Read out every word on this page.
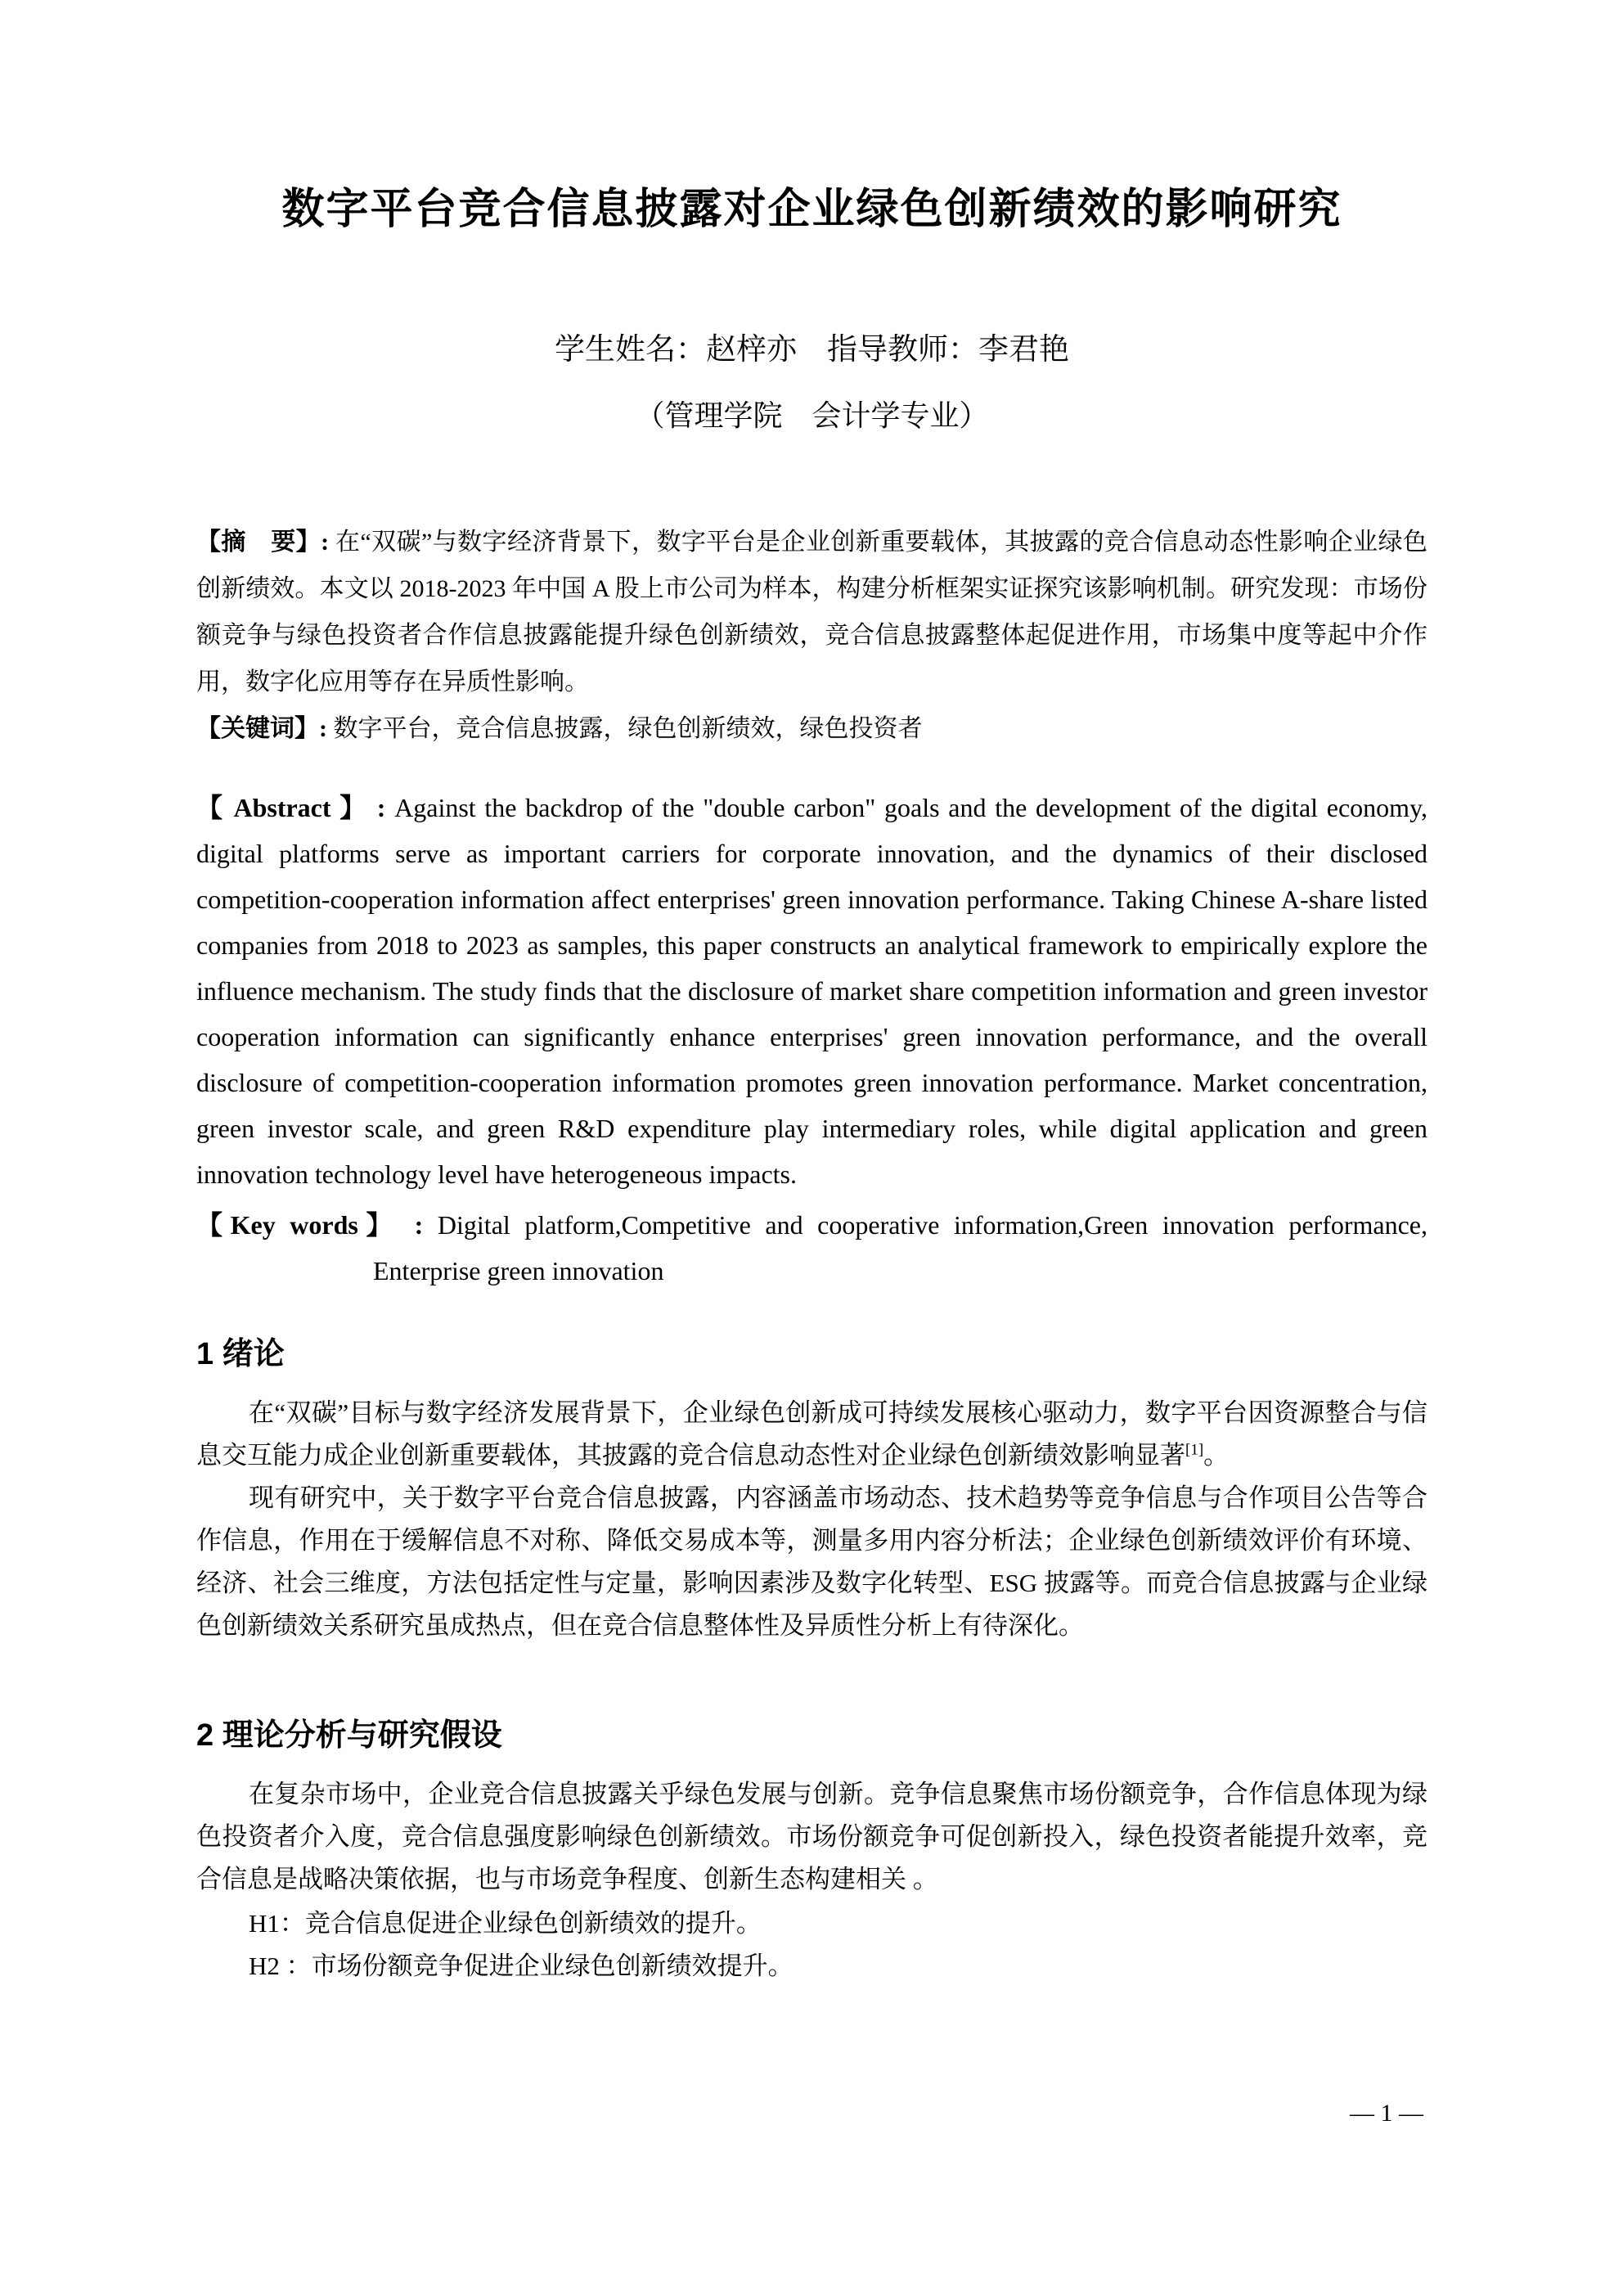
数字平台竞合信息披露对企业绿色创新绩效的影响研究

学生姓名：赵梓亦　指导教师：李君艳

（管理学院　会计学专业）

【摘　要】: 在“双碳”与数字经济背景下，数字平台是企业创新重要载体，其披露的竞合信息动态性影响企业绿色创新绩效。本文以 2018-2023 年中国 A 股上市公司为样本，构建分析框架实证探究该影响机制。研究发现：市场份额竞争与绿色投资者合作信息披露能提升绿色创新绩效，竞合信息披露整体起促进作用，市场集中度等起中介作用，数字化应用等存在异质性影响。

【关键词】: 数字平台，竞合信息披露，绿色创新绩效，绿色投资者

【 Abstract 】 : Against the backdrop of the "double carbon" goals and the development of the digital economy, digital platforms serve as important carriers for corporate innovation, and the dynamics of their disclosed competition-cooperation information affect enterprises' green innovation performance. Taking Chinese A-share listed companies from 2018 to 2023 as samples, this paper constructs an analytical framework to empirically explore the influence mechanism. The study finds that the disclosure of market share competition information and green investor cooperation information can significantly enhance enterprises' green innovation performance, and the overall disclosure of competition-cooperation information promotes green innovation performance. Market concentration, green investor scale, and green R&D expenditure play intermediary roles, while digital application and green innovation technology level have heterogeneous impacts.

【Key words】 : Digital platform,Competitive and cooperative information,Green innovation performance, Enterprise green innovation

1 绪论

在“双碳”目标与数字经济发展背景下，企业绿色创新成可持续发展核心驱动力，数字平台因资源整合与信息交互能力成企业创新重要载体，其披露的竞合信息动态性对企业绿色创新绩效影响显著[1]。

现有研究中，关于数字平台竞合信息披露，内容涵盖市场动态、技术趋势等竞争信息与合作项目公告等合作信息，作用在于缓解信息不对称、降低交易成本等，测量多用内容分析法；企业绿色创新绩效评价有环境、经济、社会三维度，方法包括定性与定量，影响因素涉及数字化转型、ESG 披露等。而竞合信息披露与企业绿色创新绩效关系研究虽成热点，但在竞合信息整体性及异质性分析上有待深化。

2 理论分析与研究假设

在复杂市场中，企业竞合信息披露关乎绿色发展与创新。竞争信息聚焦市场份额竞争，合作信息体现为绿色投资者介入度，竞合信息强度影响绿色创新绩效。市场份额竞争可促创新投入，绿色投资者能提升效率，竞合信息是战略决策依据，也与市场竞争程度、创新生态构建相关 。

H1：竞合信息促进企业绿色创新绩效的提升。

H2 ：市场份额竞争促进企业绿色创新绩效提升。

— 1 —
